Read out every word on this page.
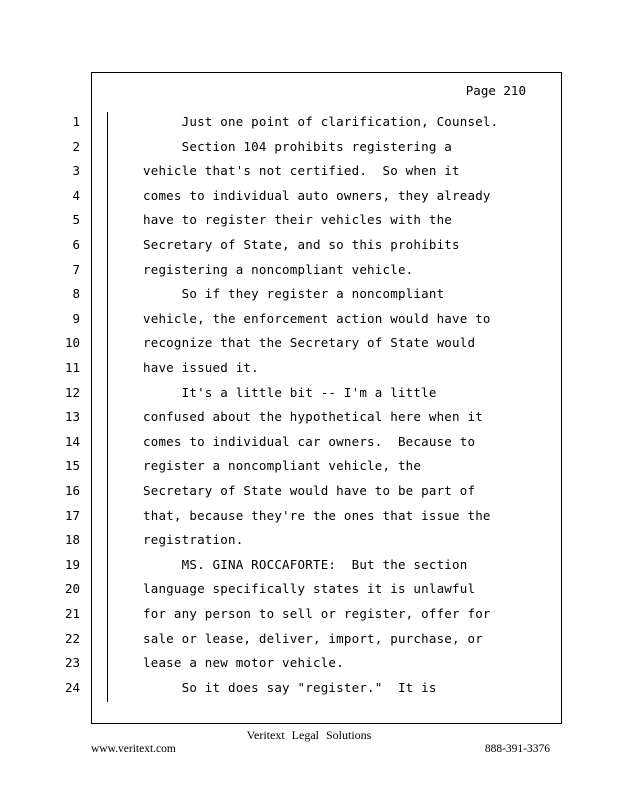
Page 210
1	Just one point of clarification, Counsel.
2	Section 104 prohibits registering a
3	vehicle that's not certified.  So when it
4	comes to individual auto owners, they already
5	have to register their vehicles with the
6	Secretary of State, and so this prohibits
7	registering a noncompliant vehicle.
8	So if they register a noncompliant
9	vehicle, the enforcement action would have to
10	recognize that the Secretary of State would
11	have issued it.
12	It's a little bit -- I'm a little
13	confused about the hypothetical here when it
14	comes to individual car owners.  Because to
15	register a noncompliant vehicle, the
16	Secretary of State would have to be part of
17	that, because they're the ones that issue the
18	registration.
19	MS. GINA ROCCAFORTE:  But the section
20	language specifically states it is unlawful
21	for any person to sell or register, offer for
22	sale or lease, deliver, import, purchase, or
23	lease a new motor vehicle.
24	So it does say "register."  It is
Veritext Legal Solutions
www.veritext.com	888-391-3376
